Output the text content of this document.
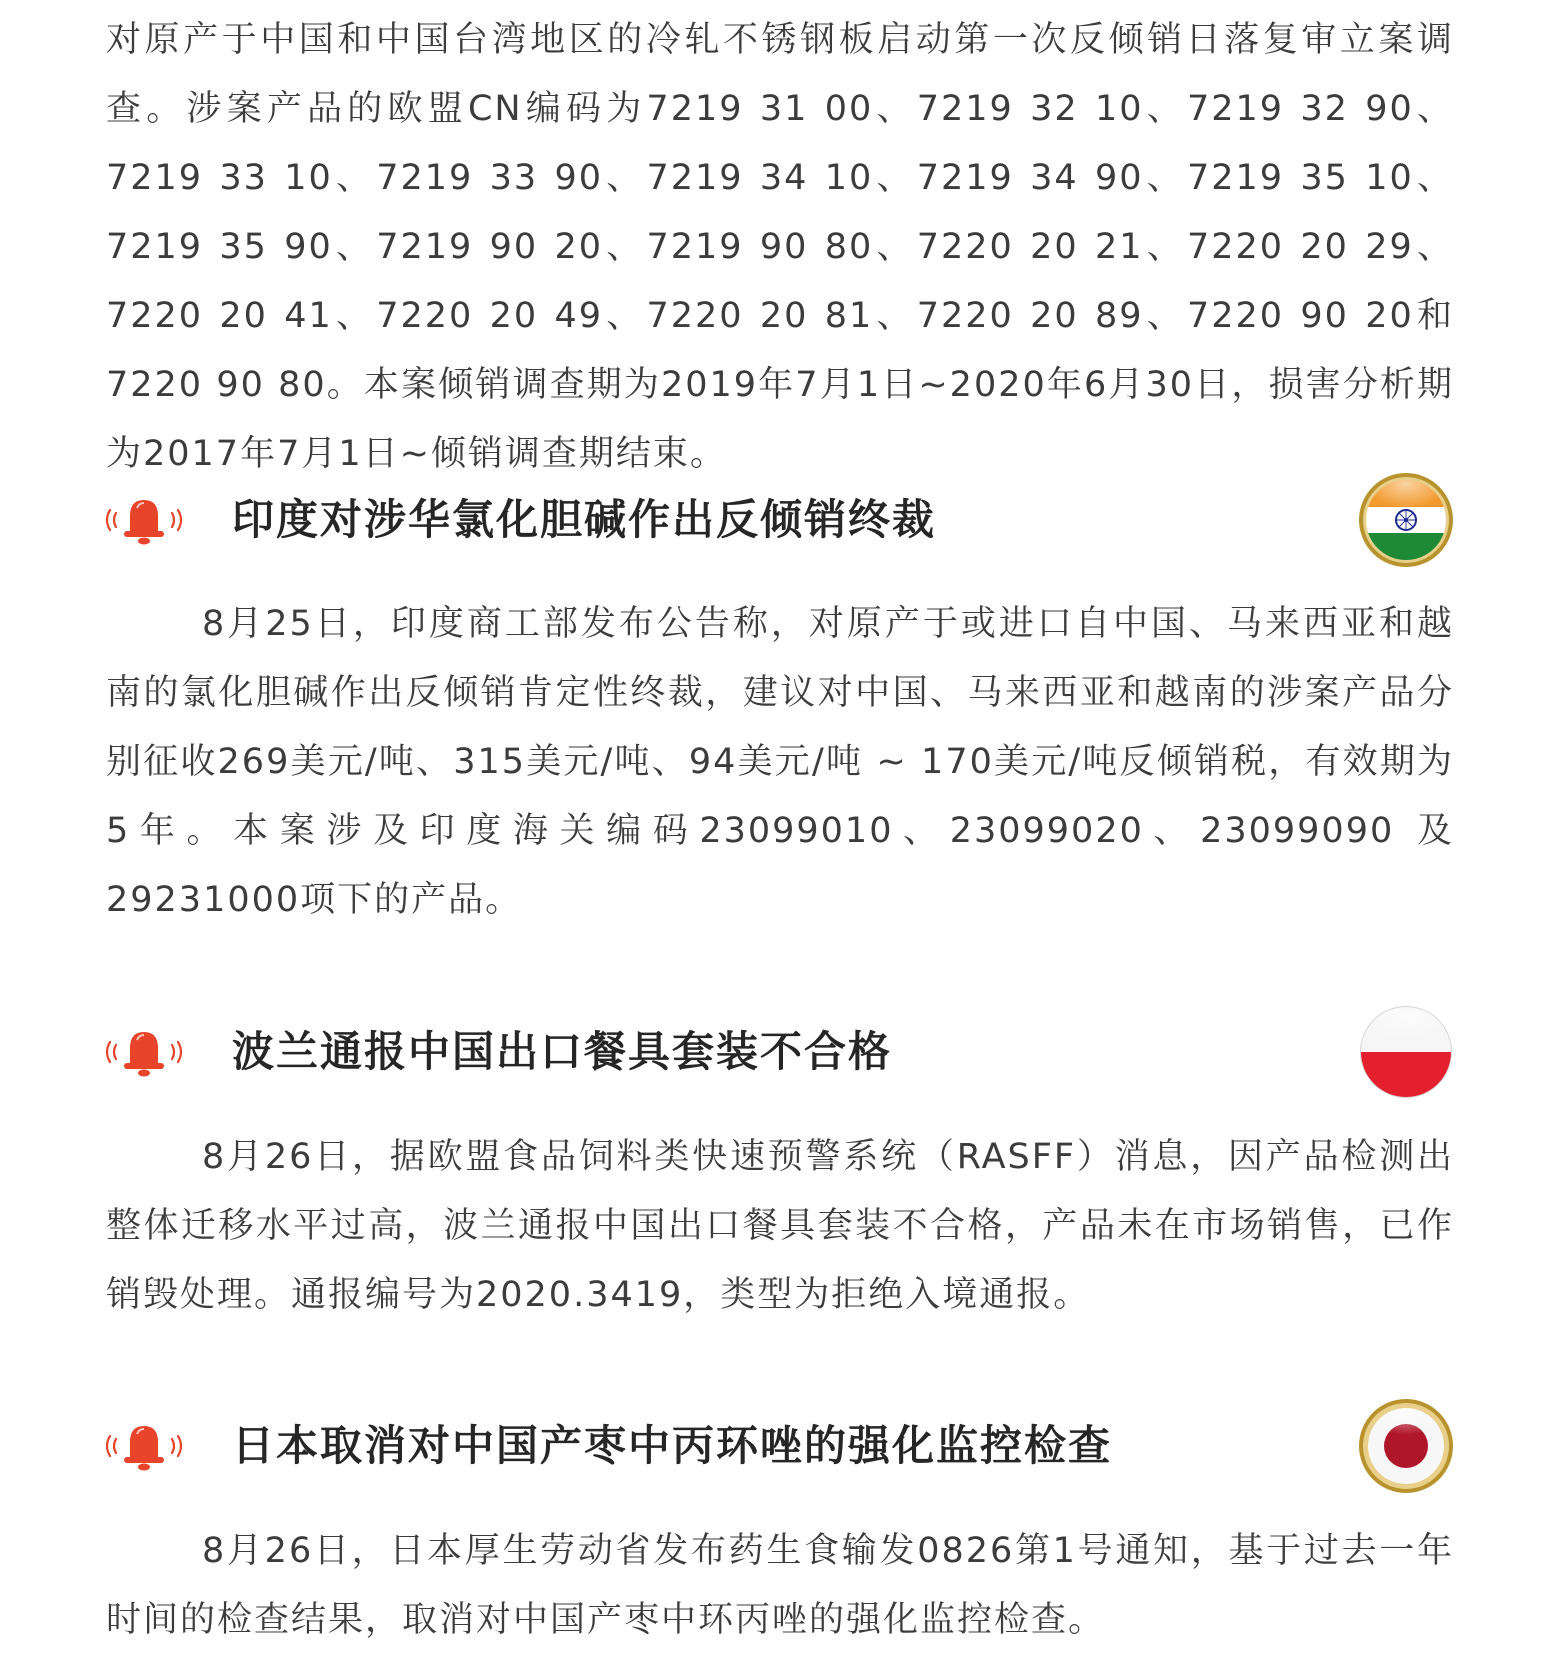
对原产于中国和中国台湾地区的冷轧不锈钢板启动第一次反倾销日落复审立案调查。涉案产品的欧盟CN编码为7219 31 00、7219 32 10、7219 32 90、7219 33 10、7219 33 90、7219 34 10、7219 34 90、7219 35 10、7219 35 90、7219 90 20、7219 90 80、7220 20 21、7220 20 29、7220 20 41、7220 20 49、7220 20 81、7220 20 89、7220 90 20和7220 90 80。本案倾销调查期为2019年7月1日~2020年6月30日，损害分析期为2017年7月1日~倾销调查期结束。

印度对涉华氯化胆碱作出反倾销终裁

8月25日，印度商工部发布公告称，对原产于或进口自中国、马来西亚和越南的氯化胆碱作出反倾销肯定性终裁，建议对中国、马来西亚和越南的涉案产品分别征收269美元/吨、315美元/吨、94美元/吨 ~ 170美元/吨反倾销税，有效期为5年。本案涉及印度海关编码23099010、23099020、23099090 及29231000项下的产品。

波兰通报中国出口餐具套装不合格

8月26日，据欧盟食品饲料类快速预警系统（RASFF）消息，因产品检测出整体迁移水平过高，波兰通报中国出口餐具套装不合格，产品未在市场销售，已作销毁处理。通报编号为2020.3419，类型为拒绝入境通报。

日本取消对中国产枣中丙环唑的强化监控检查

8月26日，日本厚生劳动省发布药生食输发0826第1号通知，基于过去一年时间的检查结果，取消对中国产枣中环丙唑的强化监控检查。
